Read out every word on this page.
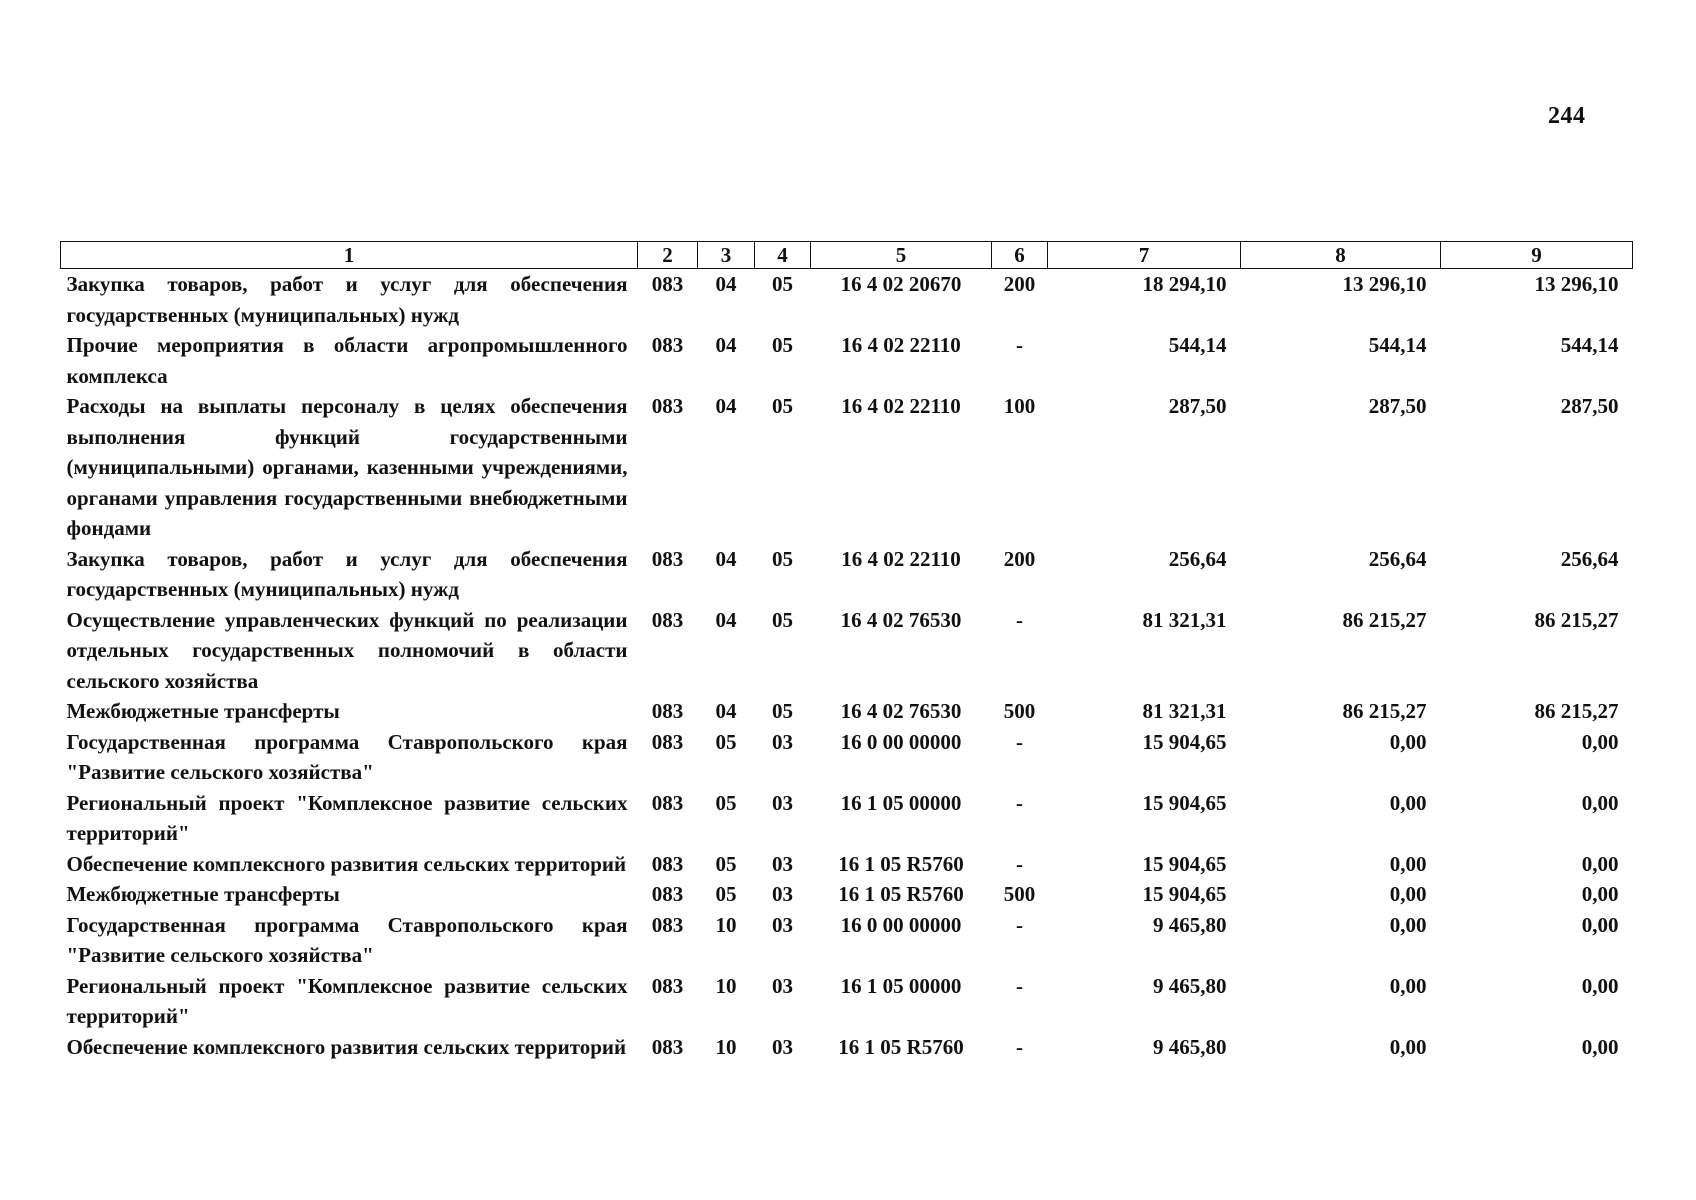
244
1	2	3	4	5	6	7	8	9
Закупка товаров, работ и услуг для обеспечения государственных (муниципальных) нужд	083	04	05	16 4 02 20670	200	18 294,10	13 296,10	13 296,10
Прочие мероприятия в области агропромышленного комплекса	083	04	05	16 4 02 22110	-	544,14	544,14	544,14
Расходы на выплаты персоналу в целях обеспечения выполнения функций государственными (муниципальными) органами, казенными учреждениями, органами управления государственными внебюджетными фондами	083	04	05	16 4 02 22110	100	287,50	287,50	287,50
Закупка товаров, работ и услуг для обеспечения государственных (муниципальных) нужд	083	04	05	16 4 02 22110	200	256,64	256,64	256,64
Осуществление управленческих функций по реализации отдельных государственных полномочий в области сельского хозяйства	083	04	05	16 4 02 76530	-	81 321,31	86 215,27	86 215,27
Межбюджетные трансферты	083	04	05	16 4 02 76530	500	81 321,31	86 215,27	86 215,27
Государственная программа Ставропольского края "Развитие сельского хозяйства"	083	05	03	16 0 00 00000	-	15 904,65	0,00	0,00
Региональный проект "Комплексное развитие сельских территорий"	083	05	03	16 1 05 00000	-	15 904,65	0,00	0,00
Обеспечение комплексного развития сельских территорий	083	05	03	16 1 05 R5760	-	15 904,65	0,00	0,00
Межбюджетные трансферты	083	05	03	16 1 05 R5760	500	15 904,65	0,00	0,00
Государственная программа Ставропольского края "Развитие сельского хозяйства"	083	10	03	16 0 00 00000	-	9 465,80	0,00	0,00
Региональный проект "Комплексное развитие сельских территорий"	083	10	03	16 1 05 00000	-	9 465,80	0,00	0,00
Обеспечение комплексного развития сельских территорий	083	10	03	16 1 05 R5760	-	9 465,80	0,00	0,00
